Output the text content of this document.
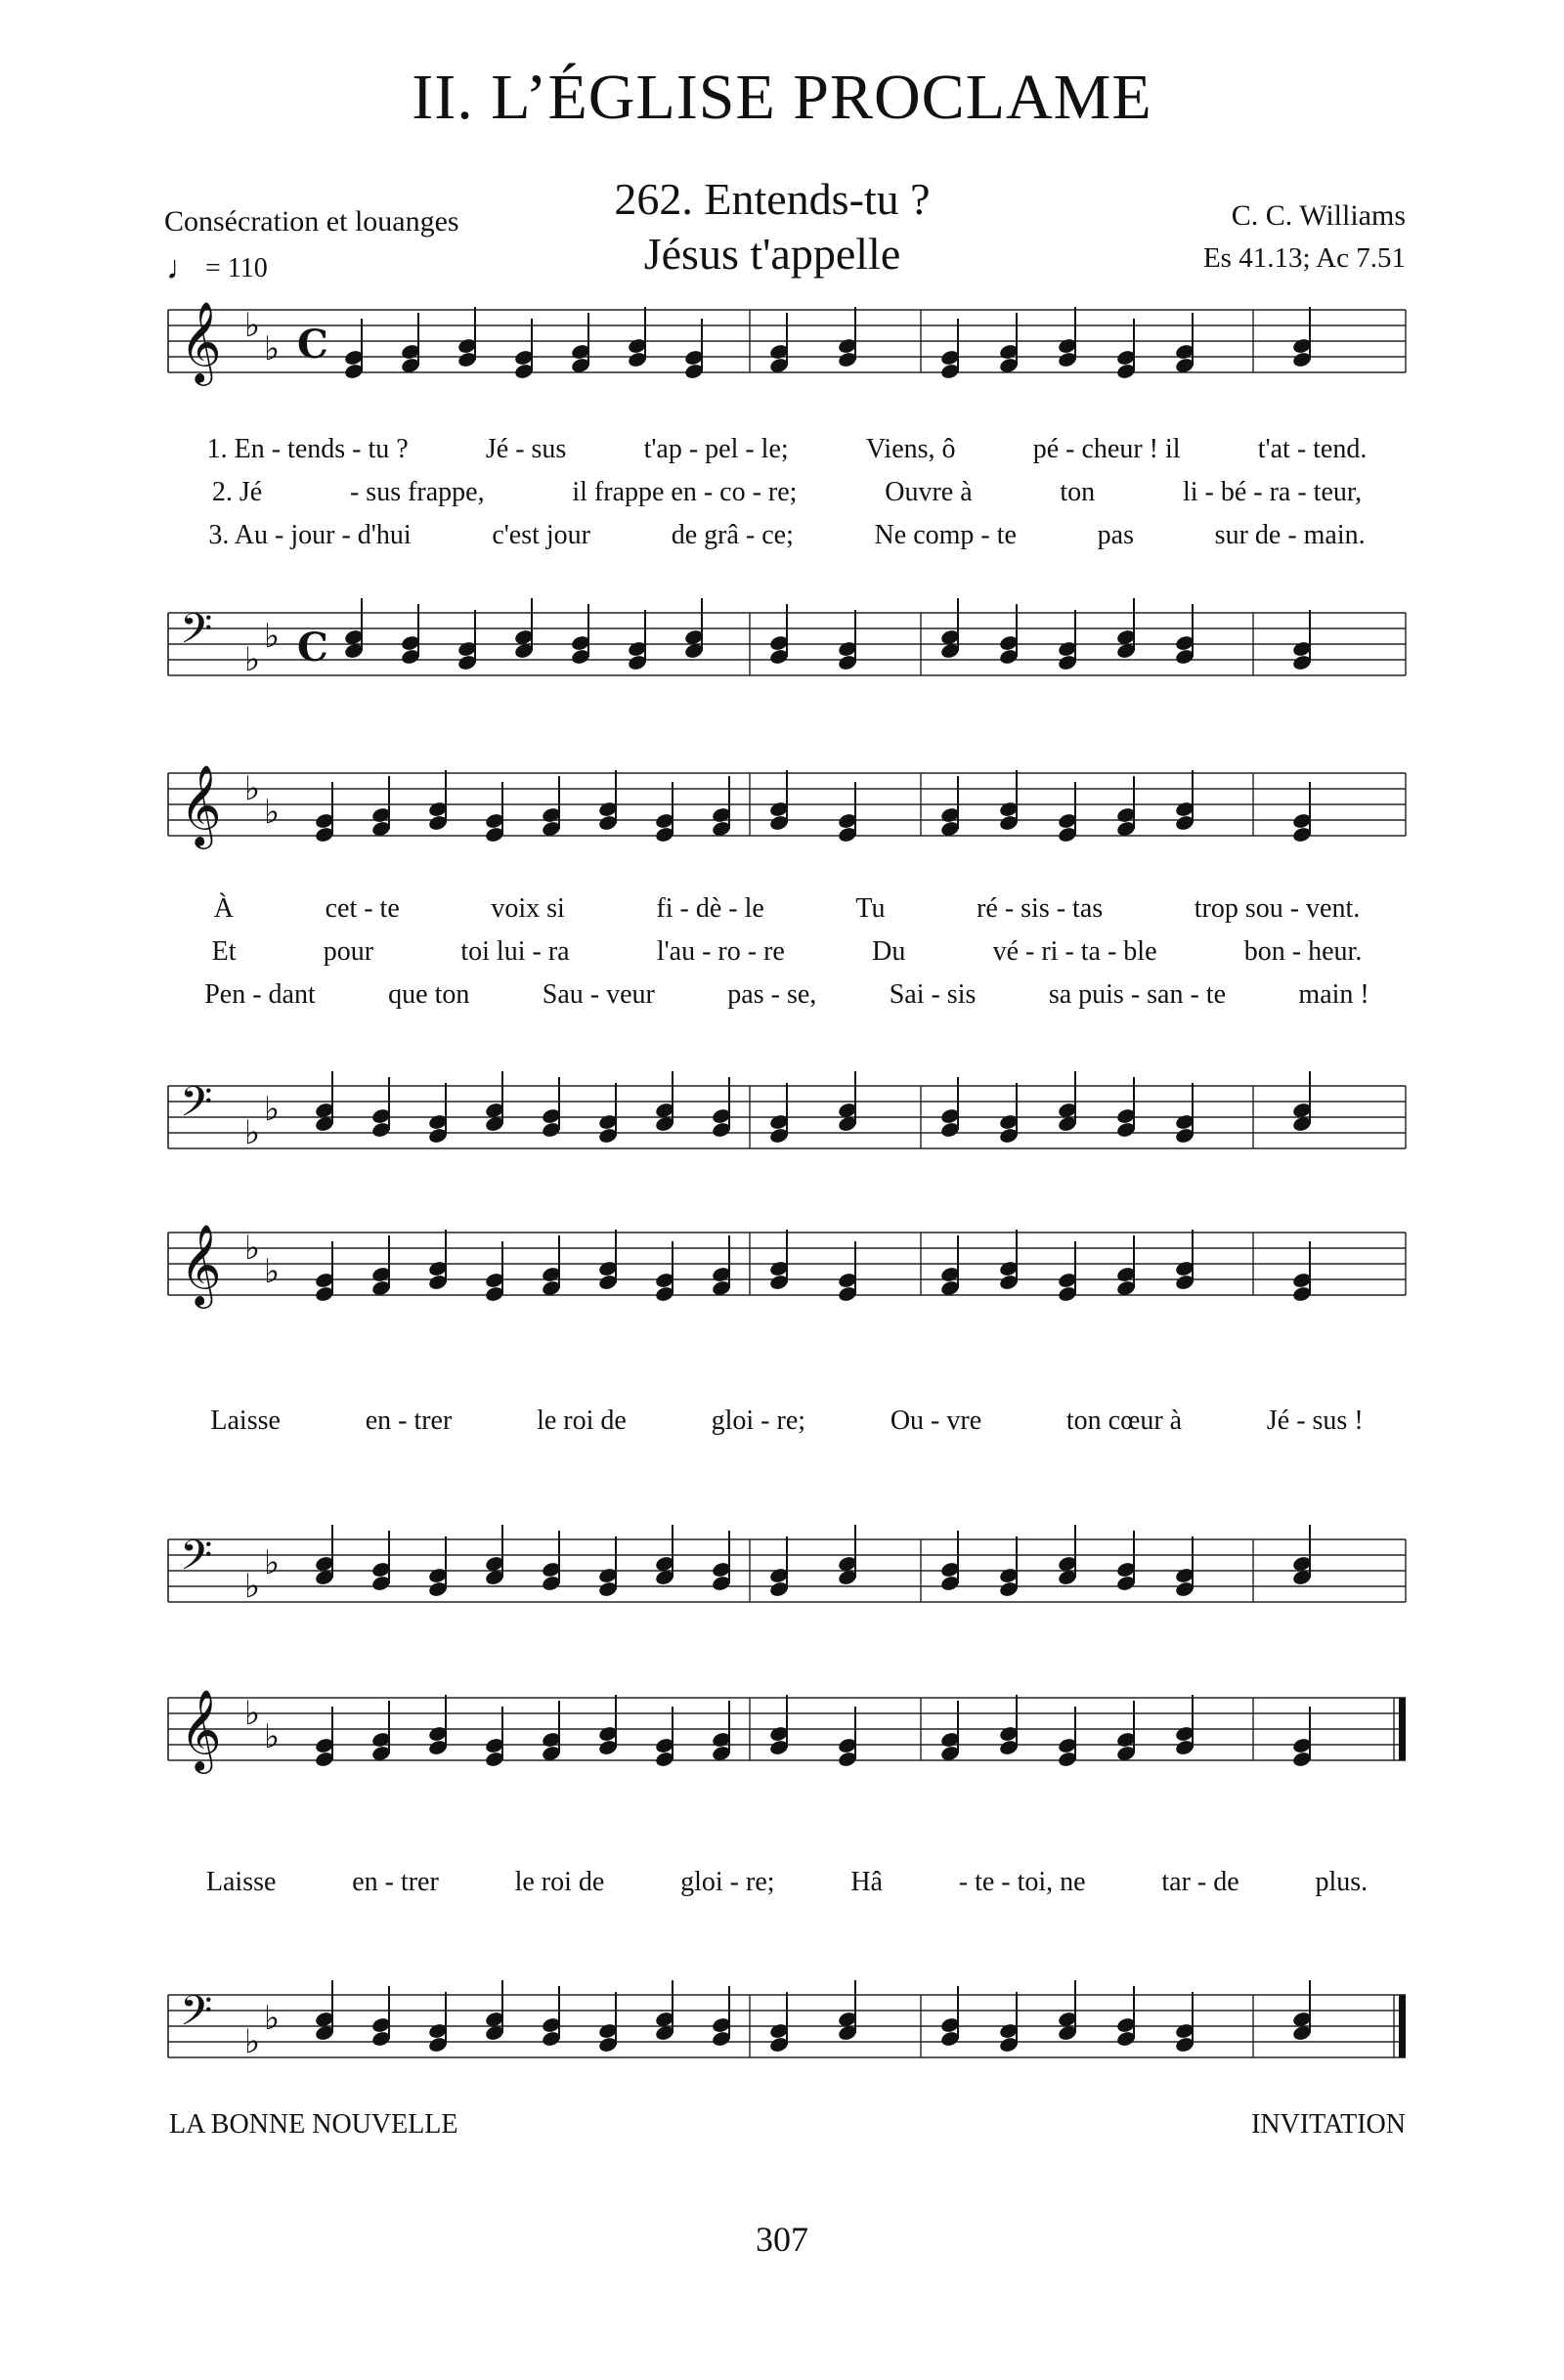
II. L’ÉGLISE PROCLAME
Consécration et louanges
♩ = 110
262. Entends-tu ?
Jésus t'appelle
C. C. Williams
Es 41.13; Ac 7.51
𝄞 ♭
♭ C
1. En - tends - tu ?	Jé - sus	t'ap - pel - le;	Viens, ô	pé - cheur ! il	t'at - tend.
2. Jé	- sus frappe,	il frappe en - co - re;	Ouvre à	ton	li - bé - ra - teur,
3. Au - jour - d'hui	c'est jour	de grâ - ce;	Ne comp - te	pas	sur de - main.
𝄢 ♭
♭ C
𝄞 ♭
♭
À	cet - te	voix si	fi - dè - le	Tu	ré - sis - tas	trop sou - vent.
Et	pour	toi lui - ra	l'au - ro - re	Du	vé - ri - ta - ble	bon - heur.
Pen - dant	que ton	Sau - veur	pas - se,	Sai - sis	sa puis - san - te	main !
𝄢 ♭
♭
𝄞 ♭
♭
Laisse	en - trer	le roi de	gloi - re;	Ou - vre	ton cœur à	Jé - sus !
𝄢 ♭
♭
𝄞 ♭
♭
Laisse	en - trer	le roi de	gloi - re;	Hâ	- te - toi, ne	tar - de	plus.
𝄢 ♭
♭
LA BONNE NOUVELLE	INVITATION
307
